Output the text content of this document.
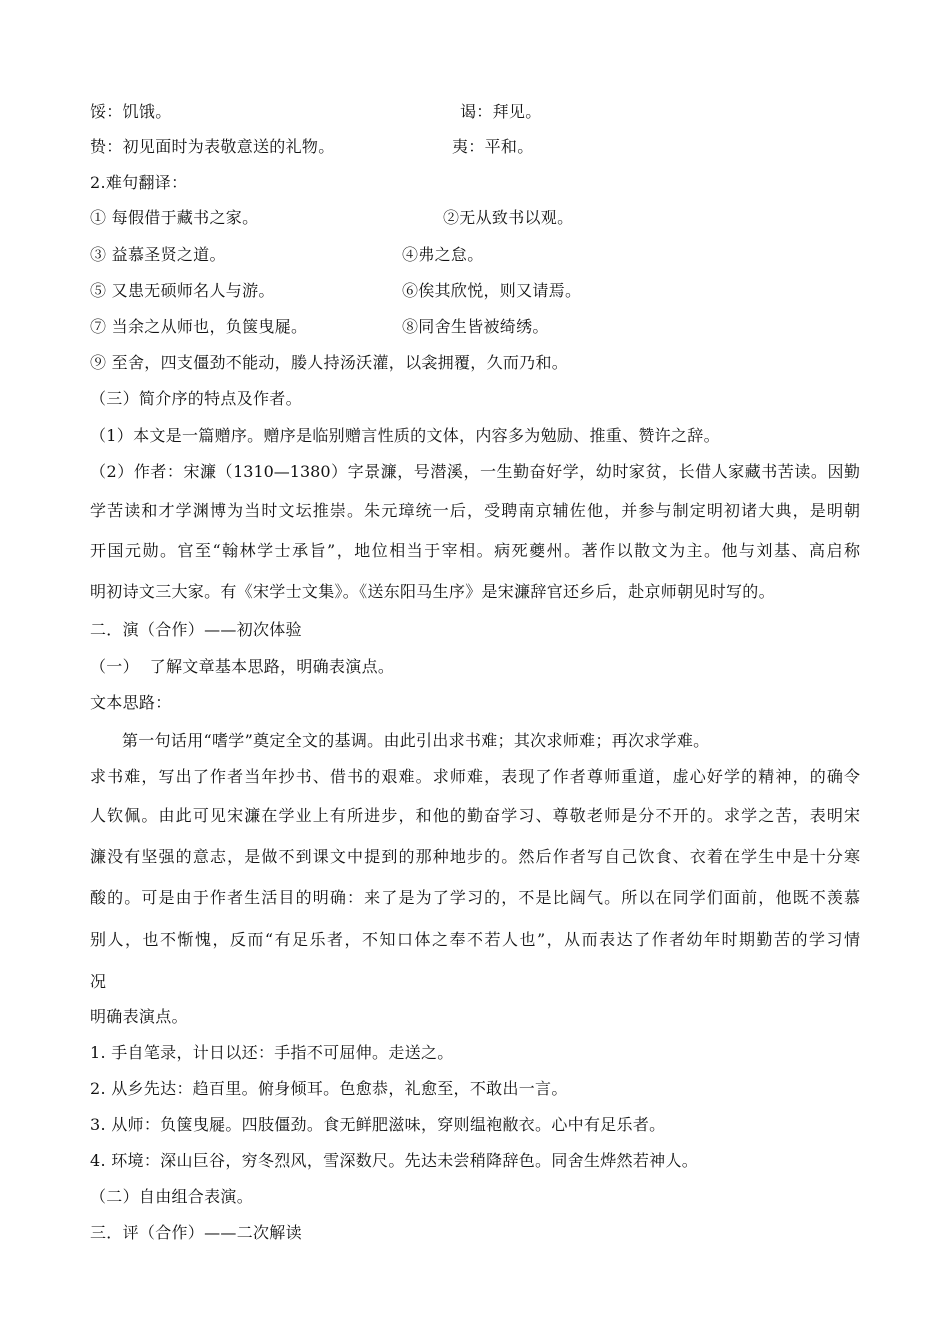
馁：饥饿。	谒：拜见。
贽：初见面时为表敬意送的礼物。	夷：平和。
2.难句翻译：
① 每假借于藏书之家。	②无从致书以观。
③ 益慕圣贤之道。	④弗之怠。
⑤ 又患无硕师名人与游。	⑥俟其欣悦，则又请焉。
⑦ 当余之从师也，负箧曳屣。	⑧同舍生皆被绮绣。
⑨ 至舍，四支僵劲不能动，媵人持汤沃灌，以衾拥覆，久而乃和。
（三）简介序的特点及作者。
（1）本文是一篇赠序。赠序是临别赠言性质的文体，内容多为勉励、推重、赞许之辞。
（2）作者：宋濂（1310—1380）字景濂，号潜溪，一生勤奋好学，幼时家贫，长借人家藏书苦读。因勤
学苦读和才学渊博为当时文坛推崇。朱元璋统一后，受聘南京辅佐他，并参与制定明初诸大典，是明朝
开国元勋。官至“翰林学士承旨”，地位相当于宰相。病死夔州。著作以散文为主。他与刘基、高启称
明初诗文三大家。有《宋学士文集》。《送东阳马生序》是宋濂辞官还乡后，赴京师朝见时写的。
二．演（合作）——初次体验
（一）  了解文章基本思路，明确表演点。
文本思路：
第一句话用“嗜学”奠定全文的基调。由此引出求书难；其次求师难；再次求学难。
求书难，写出了作者当年抄书、借书的艰难。求师难，表现了作者尊师重道，虚心好学的精神，的确令
人钦佩。由此可见宋濂在学业上有所进步，和他的勤奋学习、尊敬老师是分不开的。求学之苦，表明宋
濂没有坚强的意志，是做不到课文中提到的那种地步的。然后作者写自己饮食、衣着在学生中是十分寒
酸的。可是由于作者生活目的明确：来了是为了学习的，不是比阔气。所以在同学们面前，他既不羡慕
别人，也不惭愧，反而“有足乐者，不知口体之奉不若人也”，从而表达了作者幼年时期勤苦的学习情
况
明确表演点。
1. 手自笔录，计日以还：手指不可屈伸。走送之。
2. 从乡先达：趋百里。俯身倾耳。色愈恭，礼愈至，不敢出一言。
3. 从师：负箧曳屣。四肢僵劲。食无鲜肥滋味，穿则缊袍敝衣。心中有足乐者。
4. 环境：深山巨谷，穷冬烈风，雪深数尺。先达未尝稍降辞色。同舍生烨然若神人。
（二）自由组合表演。
三．评（合作）——二次解读
